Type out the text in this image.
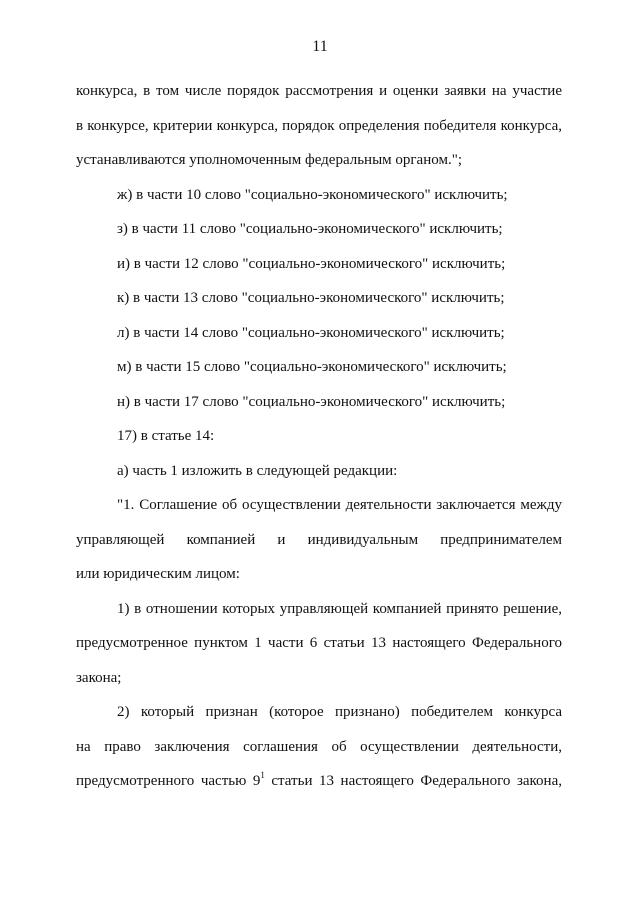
11
конкурса, в том числе порядок рассмотрения и оценки заявки на участие
в конкурсе, критерии конкурса, порядок определения победителя конкурса,
устанавливаются уполномоченным федеральным органом.";
ж) в части 10 слово "социально-экономического" исключить;
з) в части 11 слово "социально-экономического" исключить;
и) в части 12 слово "социально-экономического" исключить;
к) в части 13 слово "социально-экономического" исключить;
л) в части 14 слово "социально-экономического" исключить;
м) в части 15 слово "социально-экономического" исключить;
н) в части 17 слово "социально-экономического" исключить;
17) в статье 14:
а) часть 1 изложить в следующей редакции:
"1. Соглашение об осуществлении деятельности заключается между
управляющей компанией и индивидуальным предпринимателем
или юридическим лицом:
1) в отношении которых управляющей компанией принято решение,
предусмотренное пунктом 1 части 6 статьи 13 настоящего Федерального
закона;
2) который признан (которое признано) победителем конкурса
на право заключения соглашения об осуществлении деятельности,
предусмотренного частью $9^1$ статьи 13 настоящего Федерального закона,
